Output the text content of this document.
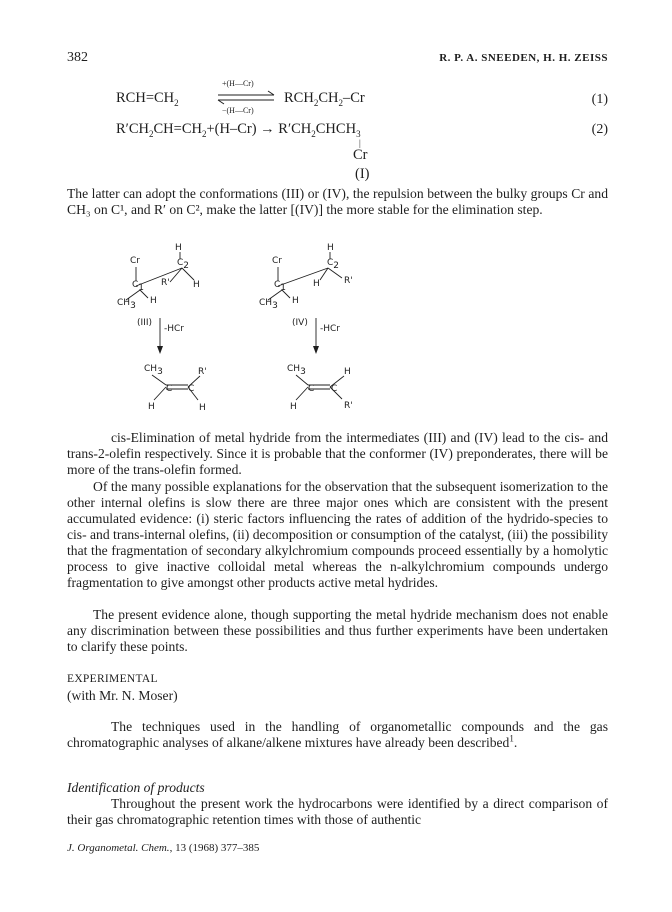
382	R. P. A. SNEEDEN, H. H. ZEISS
$RCH=CH_2$
+(H—Cr)
−(H—Cr)
$RCH_2CH_2-Cr$	(1)
$R'CH_2CH=CH_2+(H-Cr)$ → $R'CH_2CHCH_3$
|
Cr
(2)
(I)
The latter can adopt the conformations (III) or (IV), the repulsion between the bulky groups Cr and CH₃ on C¹, and R′ on C², make the latter [(IV)] the more stable for the elimination step.
H
Cr	$C_2$
$C_1$ R'	H
$CH_3$ H
H
Cr	$C_2$
$C_1$	H	R'
$CH_3$ H
(III)
-HCr
(IV)
-HCr
$CH_3$	R'
C C
H	H
$CH_3$	H
C C
H	R'
cis-Elimination of metal hydride from the intermediates (III) and (IV) lead to the cis- and trans-2-olefin respectively. Since it is probable that the conformer (IV) preponderates, there will be more of the trans-olefin formed.
Of the many possible explanations for the observation that the subsequent isomerization to the other internal olefins is slow there are three major ones which are consistent with the present accumulated evidence: (i) steric factors influencing the rates of addition of the hydrido-species to cis- and trans-internal olefins, (ii) decomposition or consumption of the catalyst, (iii) the possibility that the fragmentation of secondary alkylchromium compounds proceed essentially by a homolytic process to give inactive colloidal metal whereas the n-alkylchromium compounds undergo fragmentation to give amongst other products active metal hydrides.
The present evidence alone, though supporting the metal hydride mechanism does not enable any discrimination between these possibilities and thus further experiments have been undertaken to clarify these points.
EXPERIMENTAL
(with Mr. N. Moser)
The techniques used in the handling of organometallic compounds and the gas chromatographic analyses of alkane/alkene mixtures have already been described$^1$.
Identification of products
Throughout the present work the hydrocarbons were identified by a direct comparison of their gas chromatographic retention times with those of authentic
J. Organometal. Chem., 13 (1968) 377–385
